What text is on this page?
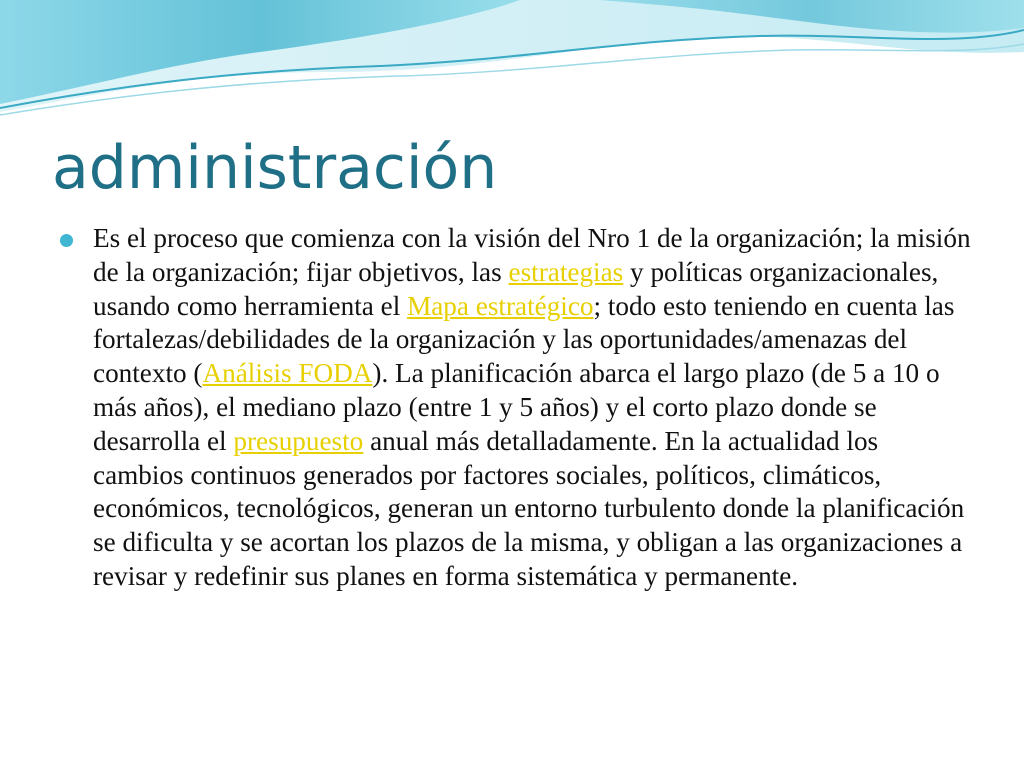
administración

Es el proceso que comienza con la visión del Nro 1 de la organización; la misión de la organización; fijar objetivos, las estrategias y políticas organizacionales, usando como herramienta el Mapa estratégico; todo esto teniendo en cuenta las fortalezas/debilidades de la organización y las oportunidades/amenazas del contexto (Análisis FODA). La planificación abarca el largo plazo (de 5 a 10 o más años), el mediano plazo (entre 1 y 5 años) y el corto plazo donde se desarrolla el presupuesto anual más detalladamente. En la actualidad los cambios continuos generados por factores sociales, políticos, climáticos, económicos, tecnológicos, generan un entorno turbulento donde la planificación se dificulta y se acortan los plazos de la misma, y obligan a las organizaciones a revisar y redefinir sus planes en forma sistemática y permanente.
